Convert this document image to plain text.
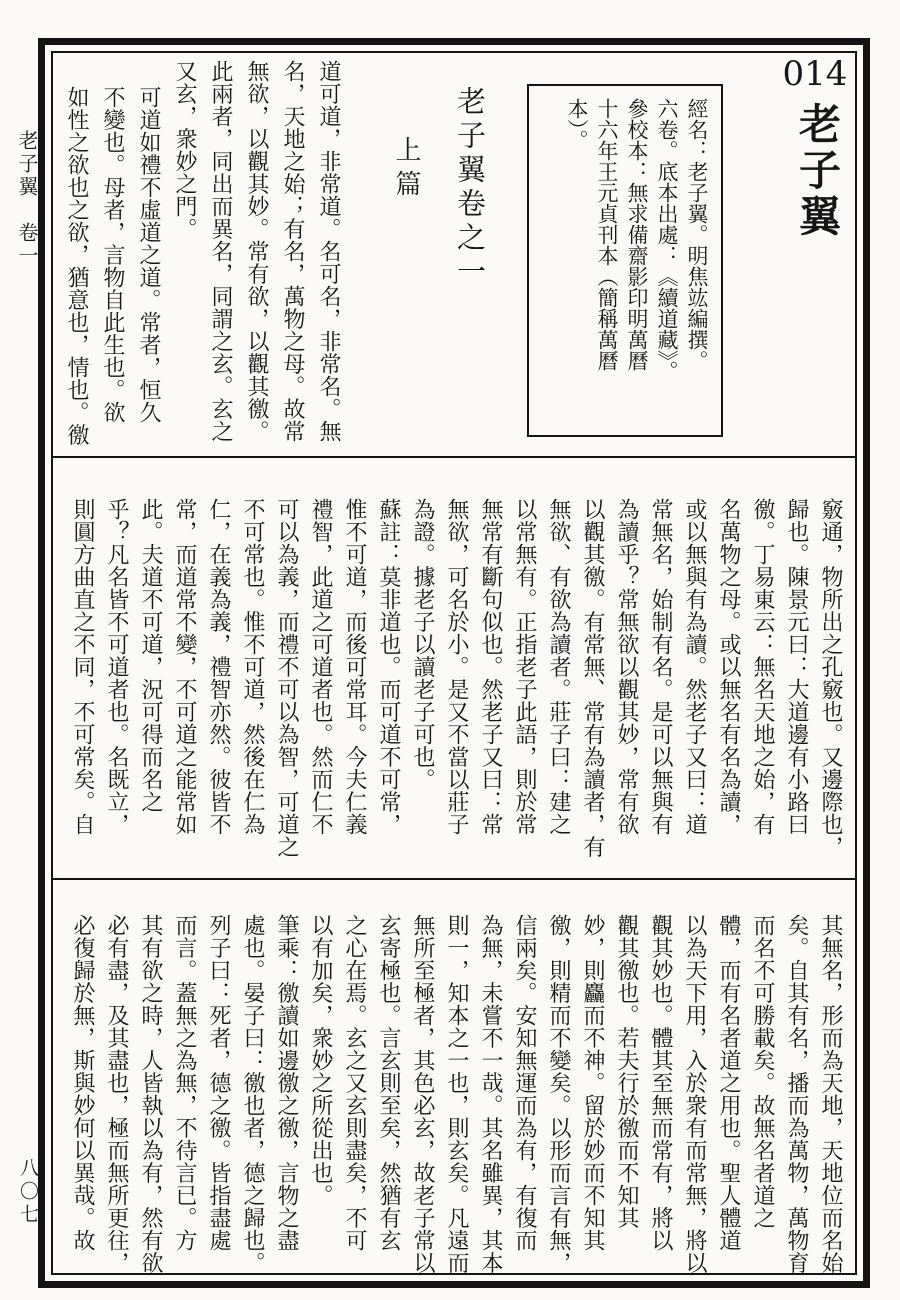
老子翼　卷一
八〇七
014
老子翼
經名：老子翼。明焦竑編撰。
六卷。底本出處：《續道藏》。
參校本：無求備齋影印明萬曆
十六年王元貞刊本（簡稱萬曆
本）。
老子翼卷之一
上篇
道可道，非常道。名可名，非常名。無
名，天地之始；有名，萬物之母。故常
無欲，以觀其妙。常有欲，以觀其徼。
此兩者，同出而異名，同謂之玄。玄之
又玄，衆妙之門。
可道如禮不虛道之道。常者，恒久
不變也。母者，言物自此生也。欲
如性之欲也之欲，猶意也，情也。徼
竅通，物所出之孔竅也。又邊際也，
歸也。陳景元曰：大道邊有小路曰
徼。丁易東云：無名天地之始，有
名萬物之母。或以無名有名為讀，
或以無與有為讀。然老子又曰：道
常無名，始制有名。是可以無與有
為讀乎？常無欲以觀其妙，常有欲
以觀其徼。有常無、常有為讀者，有
無欲、有欲為讀者。莊子曰：建之
以常無有。正指老子此語，則於常
無常有斷句似也。然老子又曰：常
無欲，可名於小。是又不當以莊子
為證。據老子以讀老子可也。
蘇註：莫非道也。而可道不可常，
惟不可道，而後可常耳。今夫仁義
禮智，此道之可道者也。然而仁不
可以為義，而禮不可以為智，可道之
不可常也。惟不可道，然後在仁為
仁，在義為義，禮智亦然。彼皆不
常，而道常不變，不可道之能常如
此。夫道不可道，況可得而名之
乎？凡名皆不可道者也。名既立，
則圓方曲直之不同，不可常矣。自
其無名，形而為天地，天地位而名始
矣。自其有名，播而為萬物，萬物育
而名不可勝載矣。故無名者道之
體，而有名者道之用也。聖人體道
以為天下用，入於衆有而常無，將以
觀其妙也。體其至無而常有，將以
觀其徼也。若夫行於徼而不知其
妙，則麤而不神。留於妙而不知其
徼，則精而不變矣。以形而言有無，
信兩矣。安知無運而為有，有復而
為無，未嘗不一哉。其名雖異，其本
則一，知本之一也，則玄矣。凡遠而
無所至極者，其色必玄，故老子常以
玄寄極也。言玄則至矣，然猶有玄
之心在焉。玄之又玄則盡矣，不可
以有加矣，衆妙之所從出也。
筆乘：徼讀如邊徼之徼，言物之盡
處也。晏子曰：徼也者，德之歸也。
列子曰：死者，德之徼。皆指盡處
而言。蓋無之為無，不待言已。方
其有欲之時，人皆執以為有，然有欲
必有盡，及其盡也，極而無所更往，
必復歸於無，斯與妙何以異哉。故
